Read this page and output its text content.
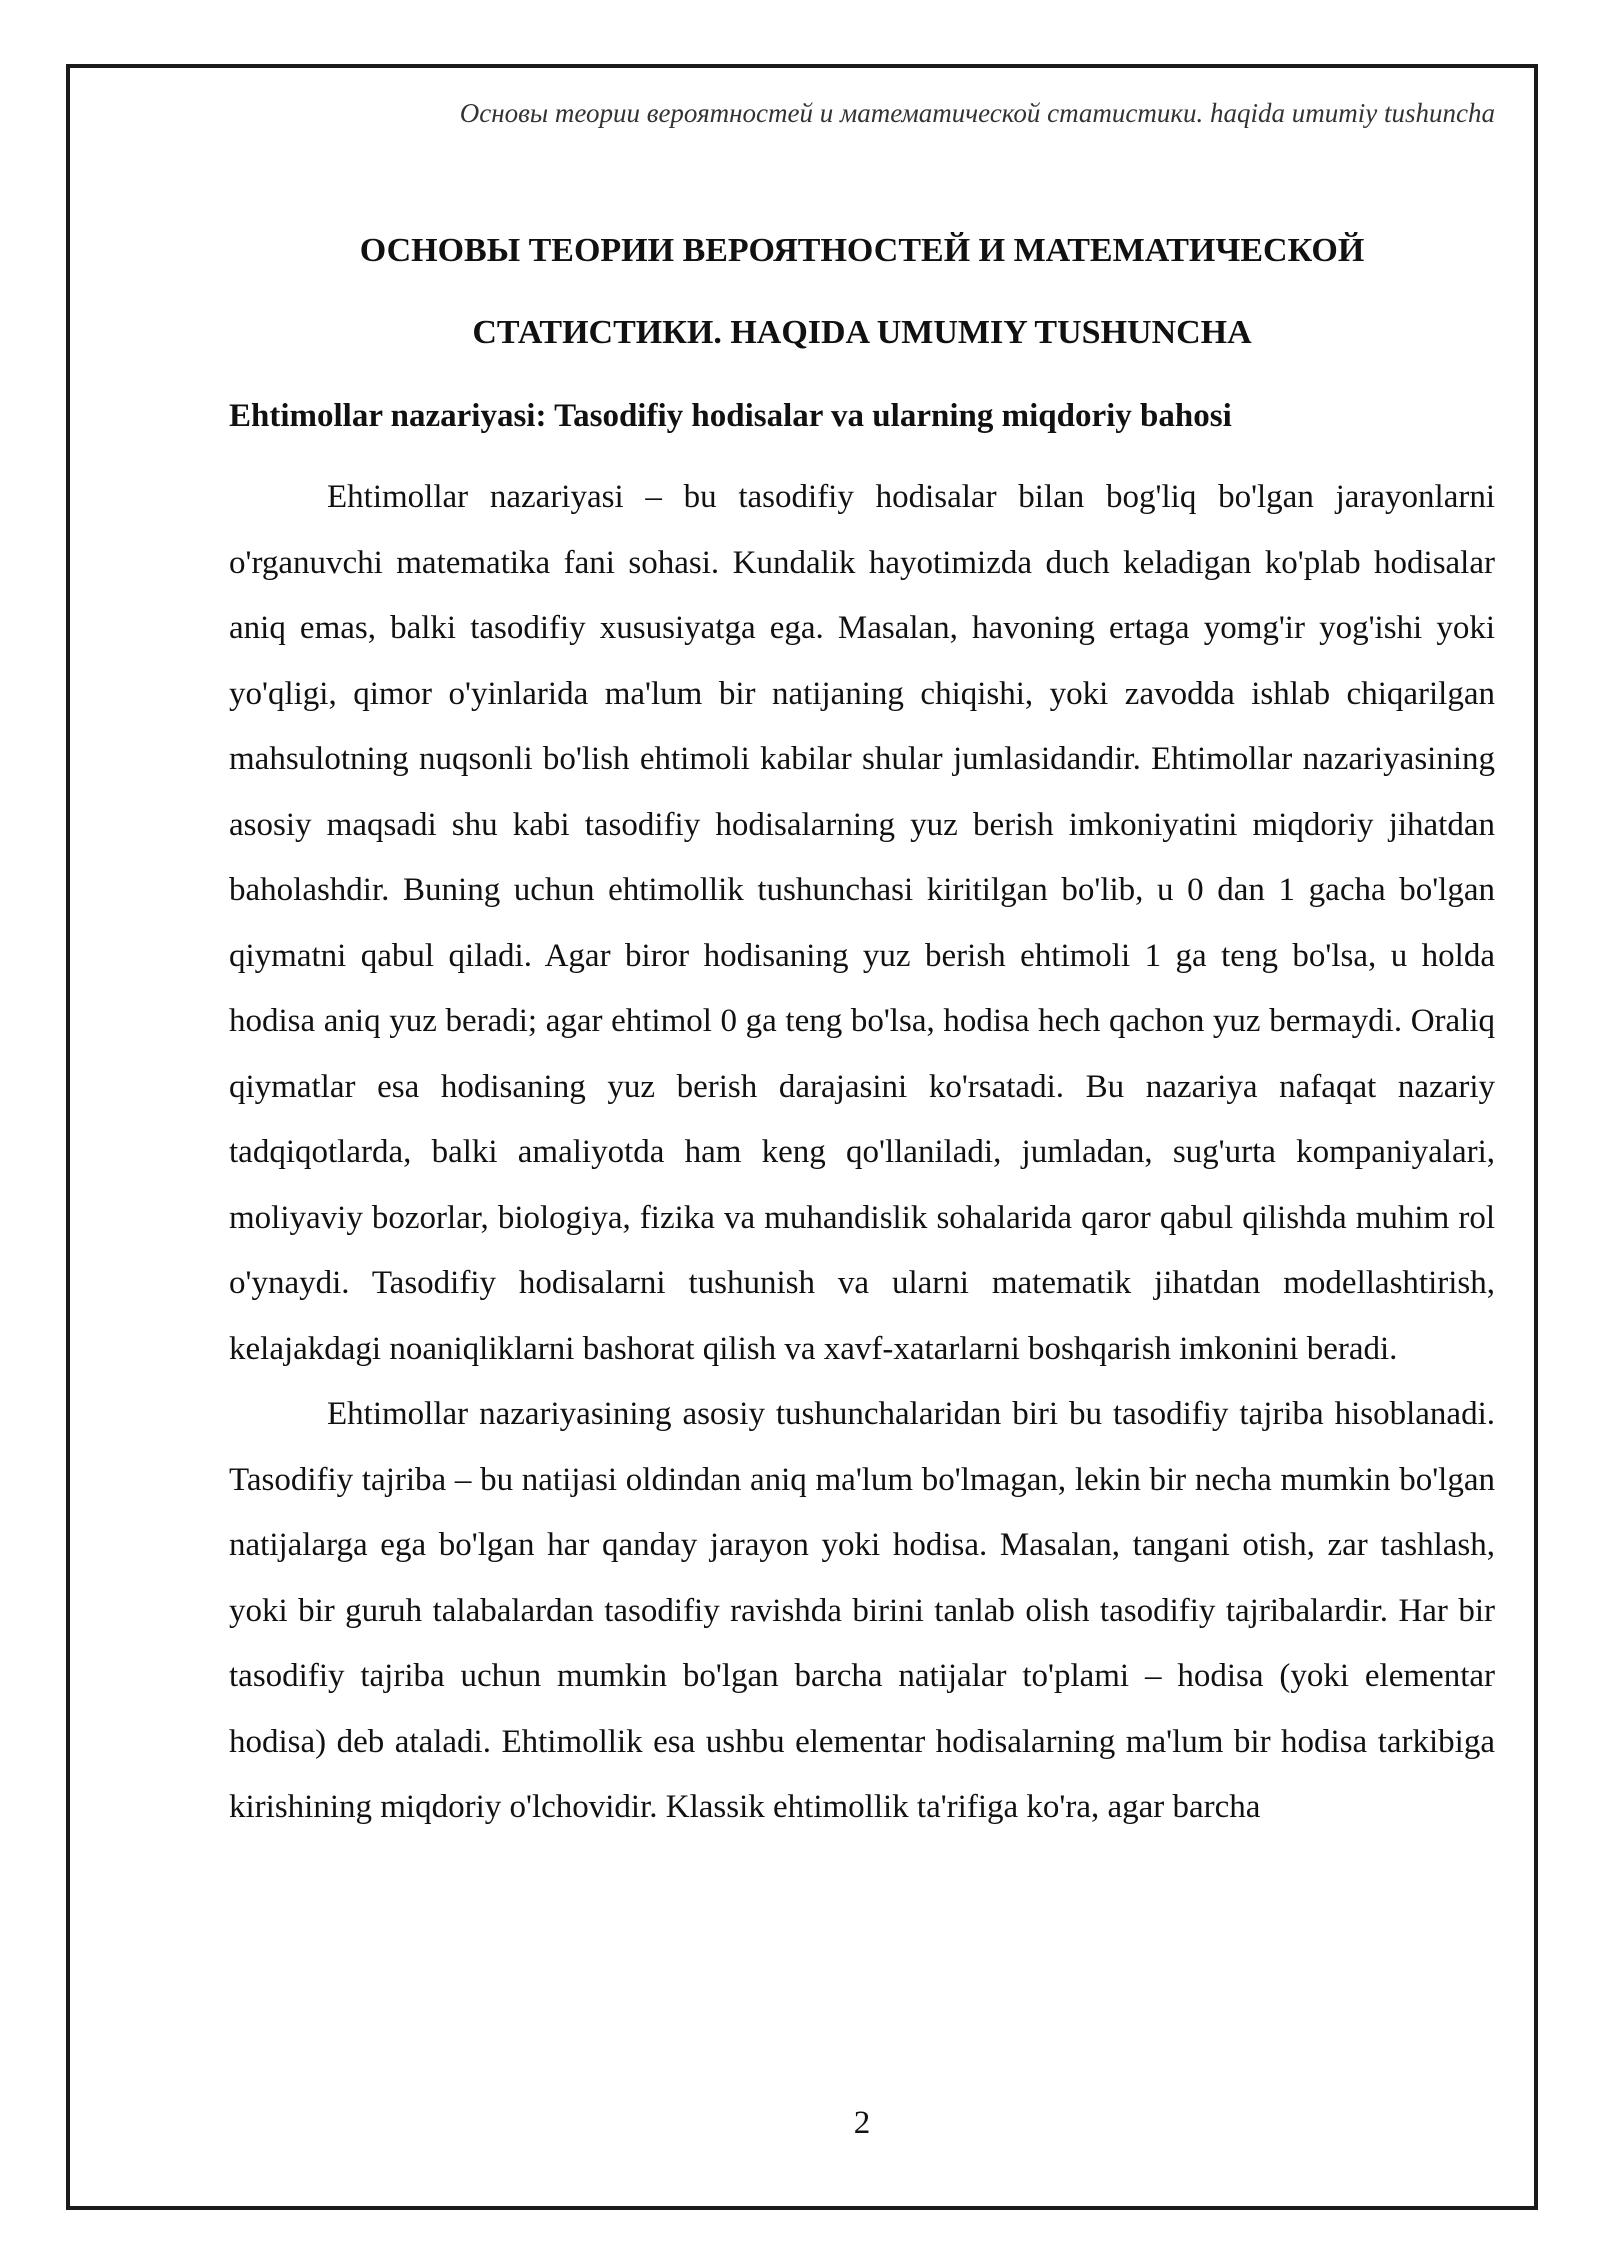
Основы теории вероятностей и математической статистики. haqida umumiy tushuncha
ОСНОВЫ ТЕОРИИ ВЕРОЯТНОСТЕЙ И МАТЕМАТИЧЕСКОЙ
СТАТИСТИКИ. HAQIDA UMUMIY TUSHUNCHA
Ehtimollar nazariyasi: Tasodifiy hodisalar va ularning miqdoriy bahosi

Ehtimollar nazariyasi – bu tasodifiy hodisalar bilan bog'liq bo'lgan jarayonlarni o'rganuvchi matematika fani sohasi. Kundalik hayotimizda duch keladigan ko'plab hodisalar aniq emas, balki tasodifiy xususiyatga ega. Masalan, havoning ertaga yomg'ir yog'ishi yoki yo'qligi, qimor o'yinlarida ma'lum bir natijaning chiqishi, yoki zavodda ishlab chiqarilgan mahsulotning nuqsonli bo'lish ehtimoli kabilar shular jumlasidandir. Ehtimollar nazariyasining asosiy maqsadi shu kabi tasodifiy hodisalarning yuz berish imkoniyatini miqdoriy jihatdan baholashdir. Buning uchun ehtimollik tushunchasi kiritilgan bo'lib, u 0 dan 1 gacha bo'lgan qiymatni qabul qiladi. Agar biror hodisaning yuz berish ehtimoli 1 ga teng bo'lsa, u holda hodisa aniq yuz beradi; agar ehtimol 0 ga teng bo'lsa, hodisa hech qachon yuz bermaydi. Oraliq qiymatlar esa hodisaning yuz berish darajasini ko'rsatadi. Bu nazariya nafaqat nazariy tadqiqotlarda, balki amaliyotda ham keng qo'llaniladi, jumladan, sug'urta kompaniyalari, moliyaviy bozorlar, biologiya, fizika va muhandislik sohalarida qaror qabul qilishda muhim rol o'ynaydi. Tasodifiy hodisalarni tushunish va ularni matematik jihatdan modellashtirish, kelajakdagi noaniqliklarni bashorat qilish va xavf-xatarlarni boshqarish imkonini beradi.

Ehtimollar nazariyasining asosiy tushunchalaridan biri bu tasodifiy tajriba hisoblanadi. Tasodifiy tajriba – bu natijasi oldindan aniq ma'lum bo'lmagan, lekin bir necha mumkin bo'lgan natijalarga ega bo'lgan har qanday jarayon yoki hodisa. Masalan, tangani otish, zar tashlash, yoki bir guruh talabalardan tasodifiy ravishda birini tanlab olish tasodifiy tajribalardir. Har bir tasodifiy tajriba uchun mumkin bo'lgan barcha natijalar to'plami – hodisa (yoki elementar hodisa) deb ataladi. Ehtimollik esa ushbu elementar hodisalarning ma'lum bir hodisa tarkibiga kirishining miqdoriy o'lchovidir. Klassik ehtimollik ta'rifiga ko'ra, agar barcha

2
